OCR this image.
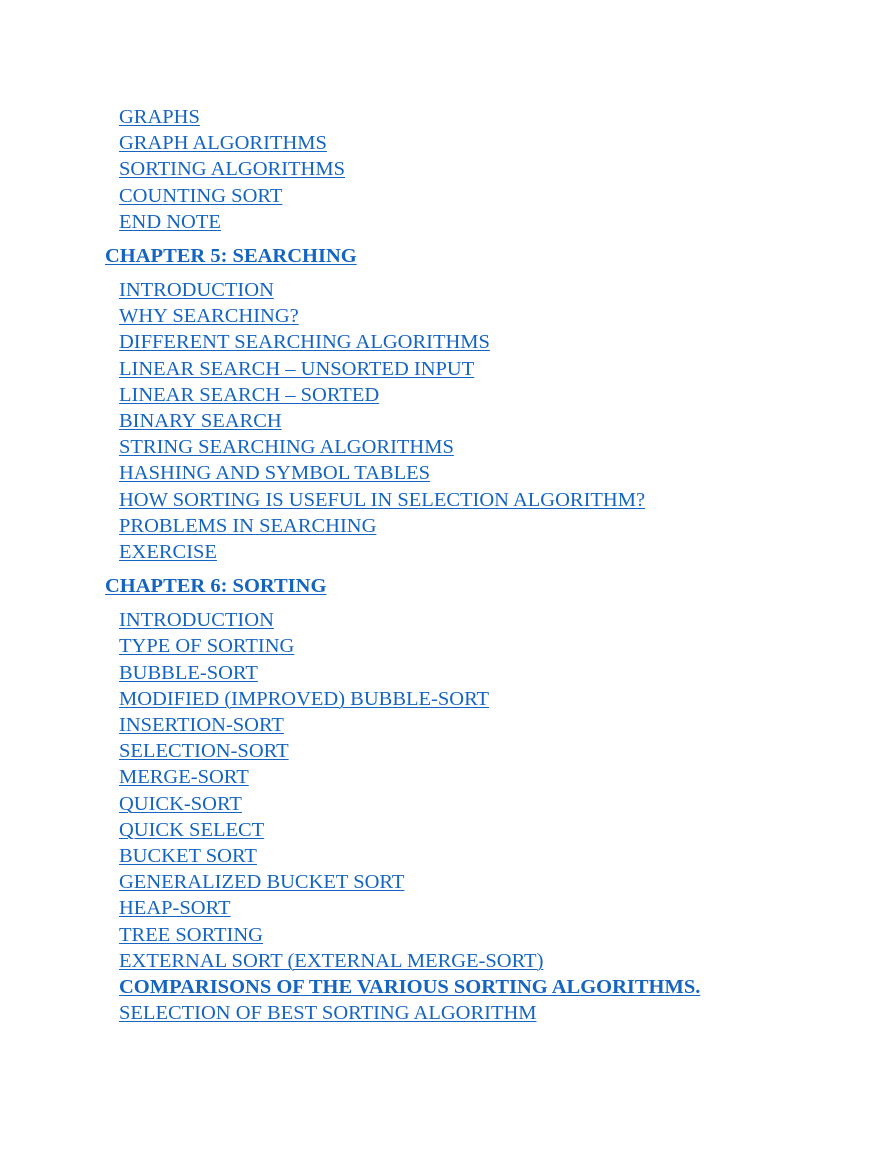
GRAPHS
GRAPH ALGORITHMS
SORTING ALGORITHMS
COUNTING SORT
END NOTE
CHAPTER 5: SEARCHING
INTRODUCTION
WHY SEARCHING?
DIFFERENT SEARCHING ALGORITHMS
LINEAR SEARCH – UNSORTED INPUT
LINEAR SEARCH – SORTED
BINARY SEARCH
STRING SEARCHING ALGORITHMS
HASHING AND SYMBOL TABLES
HOW SORTING IS USEFUL IN SELECTION ALGORITHM?
PROBLEMS IN SEARCHING
EXERCISE
CHAPTER 6: SORTING
INTRODUCTION
TYPE OF SORTING
BUBBLE-SORT
MODIFIED (IMPROVED) BUBBLE-SORT
INSERTION-SORT
SELECTION-SORT
MERGE-SORT
QUICK-SORT
QUICK SELECT
BUCKET SORT
GENERALIZED BUCKET SORT
HEAP-SORT
TREE SORTING
EXTERNAL SORT (EXTERNAL MERGE-SORT)
COMPARISONS OF THE VARIOUS SORTING ALGORITHMS.
SELECTION OF BEST SORTING ALGORITHM
